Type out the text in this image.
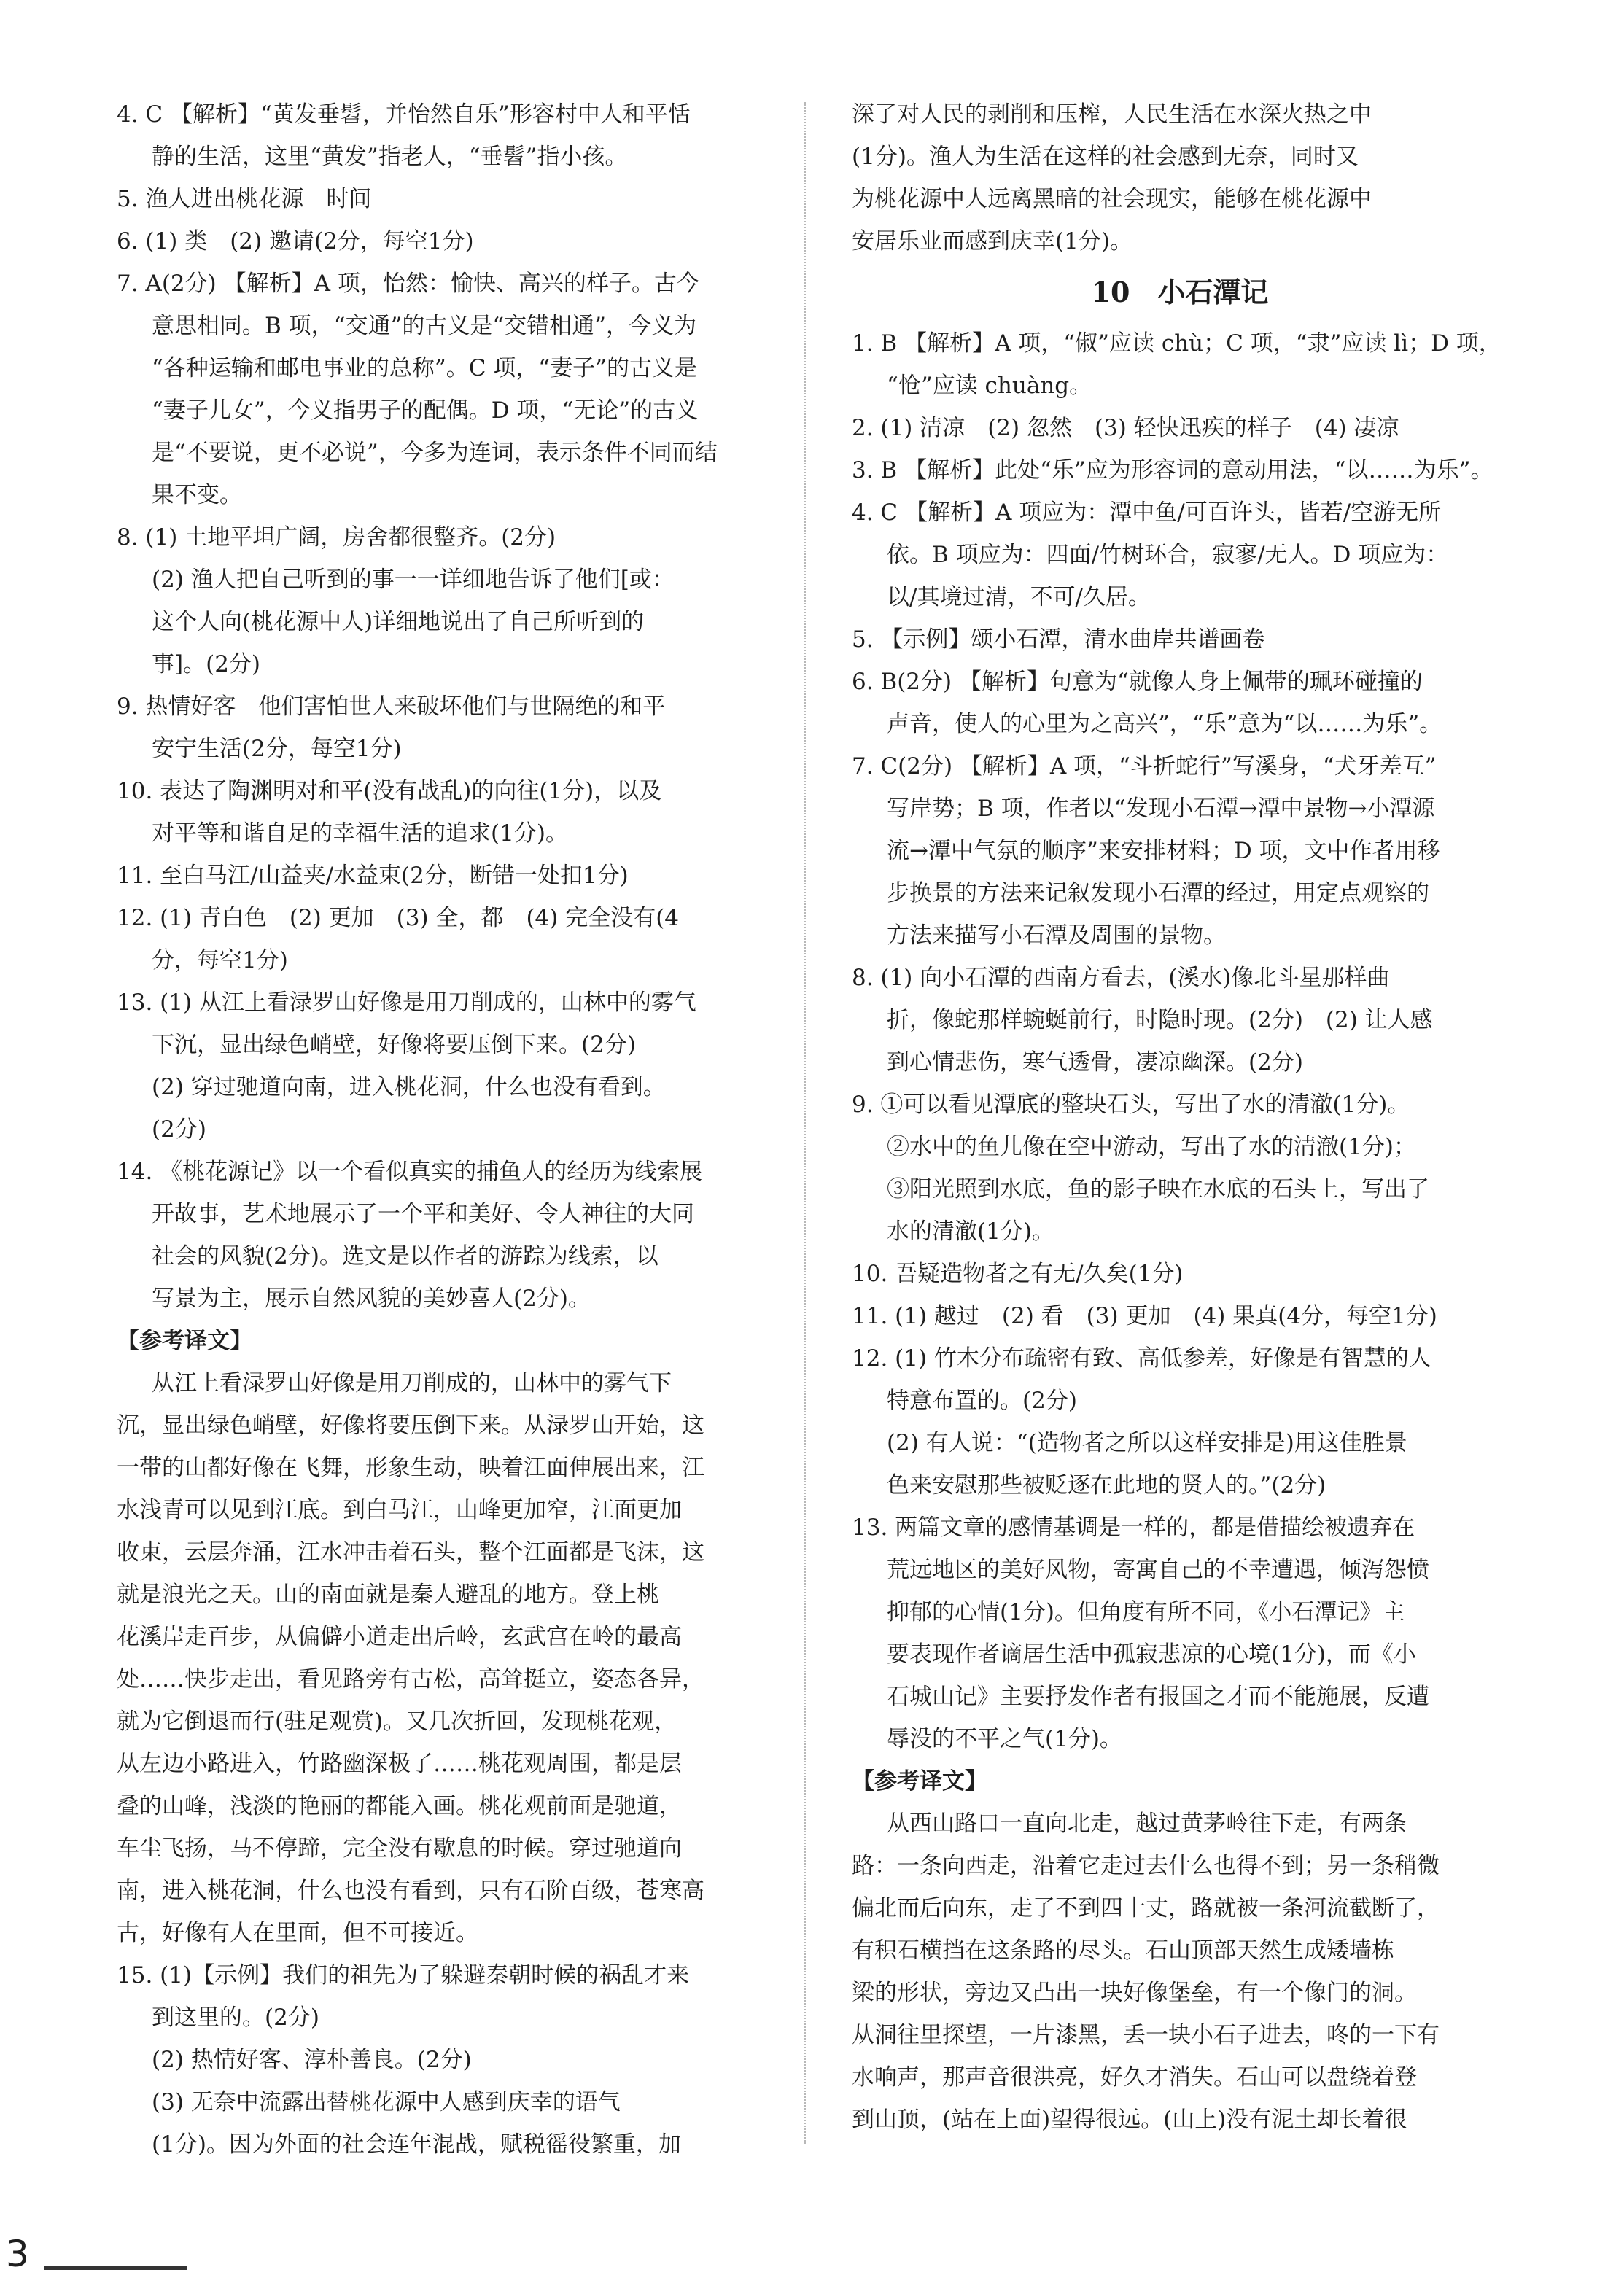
4. C 【解析】“黄发垂髫，并怡然自乐”形容村中人和平恬
静的生活，这里“黄发”指老人，“垂髫”指小孩。
5. 渔人进出桃花源　时间
6. (1) 类　(2) 邀请(2分，每空1分)
7. A(2分) 【解析】A 项，怡然：愉快、高兴的样子。古今
意思相同。B 项，“交通”的古义是“交错相通”，今义为
“各种运输和邮电事业的总称”。C 项，“妻子”的古义是
“妻子儿女”，今义指男子的配偶。D 项，“无论”的古义
是“不要说，更不必说”，今多为连词，表示条件不同而结
果不变。
8. (1) 土地平坦广阔，房舍都很整齐。(2分)
(2) 渔人把自己听到的事一一详细地告诉了他们[或：
这个人向(桃花源中人)详细地说出了自己所听到的
事]。(2分)
9. 热情好客　他们害怕世人来破坏他们与世隔绝的和平
安宁生活(2分，每空1分)
10. 表达了陶渊明对和平(没有战乱)的向往(1分)，以及
对平等和谐自足的幸福生活的追求(1分)。
11. 至白马江/山益夹/水益束(2分，断错一处扣1分)
12. (1) 青白色　(2) 更加　(3) 全，都　(4) 完全没有(4
分，每空1分)
13. (1) 从江上看渌罗山好像是用刀削成的，山林中的雾气
下沉，显出绿色峭壁，好像将要压倒下来。(2分)
(2) 穿过驰道向南，进入桃花洞，什么也没有看到。
(2分)
14. 《桃花源记》以一个看似真实的捕鱼人的经历为线索展
开故事，艺术地展示了一个平和美好、令人神往的大同
社会的风貌(2分)。选文是以作者的游踪为线索，以
写景为主，展示自然风貌的美妙喜人(2分)。
【参考译文】
从江上看渌罗山好像是用刀削成的，山林中的雾气下
沉，显出绿色峭壁，好像将要压倒下来。从渌罗山开始，这
一带的山都好像在飞舞，形象生动，映着江面伸展出来，江
水浅青可以见到江底。到白马江，山峰更加窄，江面更加
收束，云层奔涌，江水冲击着石头，整个江面都是飞沫，这
就是浪光之天。山的南面就是秦人避乱的地方。登上桃
花溪岸走百步，从偏僻小道走出后岭，玄武宫在岭的最高
处……快步走出，看见路旁有古松，高耸挺立，姿态各异，
就为它倒退而行(驻足观赏)。又几次折回，发现桃花观，
从左边小路进入，竹路幽深极了……桃花观周围，都是层
叠的山峰，浅淡的艳丽的都能入画。桃花观前面是驰道，
车尘飞扬，马不停蹄，完全没有歇息的时候。穿过驰道向
南，进入桃花洞，什么也没有看到，只有石阶百级，苍寒高
古，好像有人在里面，但不可接近。
15. (1)【示例】我们的祖先为了躲避秦朝时候的祸乱才来
到这里的。(2分)
(2) 热情好客、淳朴善良。(2分)
(3) 无奈中流露出替桃花源中人感到庆幸的语气
(1分)。因为外面的社会连年混战，赋税徭役繁重，加
深了对人民的剥削和压榨，人民生活在水深火热之中
(1分)。渔人为生活在这样的社会感到无奈，同时又
为桃花源中人远离黑暗的社会现实，能够在桃花源中
安居乐业而感到庆幸(1分)。
10　小石潭记
1. B 【解析】A 项，“俶”应读 chù；C 项，“隶”应读 lì；D 项，
“怆”应读 chuàng。
2. (1) 清凉　(2) 忽然　(3) 轻快迅疾的样子　(4) 凄凉
3. B 【解析】此处“乐”应为形容词的意动用法，“以……为乐”。
4. C 【解析】A 项应为：潭中鱼/可百许头，皆若/空游无所
依。B 项应为：四面/竹树环合，寂寥/无人。D 项应为：
以/其境过清，不可/久居。
5. 【示例】颂小石潭，清水曲岸共谱画卷
6. B(2分) 【解析】句意为“就像人身上佩带的珮环碰撞的
声音，使人的心里为之高兴”，“乐”意为“以……为乐”。
7. C(2分) 【解析】A 项，“斗折蛇行”写溪身，“犬牙差互”
写岸势；B 项，作者以“发现小石潭→潭中景物→小潭源
流→潭中气氛的顺序”来安排材料；D 项，文中作者用移
步换景的方法来记叙发现小石潭的经过，用定点观察的
方法来描写小石潭及周围的景物。
8. (1) 向小石潭的西南方看去，(溪水)像北斗星那样曲
折，像蛇那样蜿蜒前行，时隐时现。(2分)　(2) 让人感
到心情悲伤，寒气透骨，凄凉幽深。(2分)
9. ①可以看见潭底的整块石头，写出了水的清澈(1分)。
②水中的鱼儿像在空中游动，写出了水的清澈(1分)；
③阳光照到水底，鱼的影子映在水底的石头上，写出了
水的清澈(1分)。
10. 吾疑造物者之有无/久矣(1分)
11. (1) 越过　(2) 看　(3) 更加　(4) 果真(4分，每空1分)
12. (1) 竹木分布疏密有致、高低参差，好像是有智慧的人
特意布置的。(2分)
(2) 有人说：“(造物者之所以这样安排是)用这佳胜景
色来安慰那些被贬逐在此地的贤人的。”(2分)
13. 两篇文章的感情基调是一样的，都是借描绘被遗弃在
荒远地区的美好风物，寄寓自己的不幸遭遇，倾泻怨愤
抑郁的心情(1分)。但角度有所不同，《小石潭记》主
要表现作者谪居生活中孤寂悲凉的心境(1分)，而《小
石城山记》主要抒发作者有报国之才而不能施展，反遭
辱没的不平之气(1分)。
【参考译文】
从西山路口一直向北走，越过黄茅岭往下走，有两条
路：一条向西走，沿着它走过去什么也得不到；另一条稍微
偏北而后向东，走了不到四十丈，路就被一条河流截断了，
有积石横挡在这条路的尽头。石山顶部天然生成矮墙栋
梁的形状，旁边又凸出一块好像堡垒，有一个像门的洞。
从洞往里探望，一片漆黑，丢一块小石子进去，咚的一下有
水响声，那声音很洪亮，好久才消失。石山可以盘绕着登
到山顶，(站在上面)望得很远。(山上)没有泥土却长着很
3
